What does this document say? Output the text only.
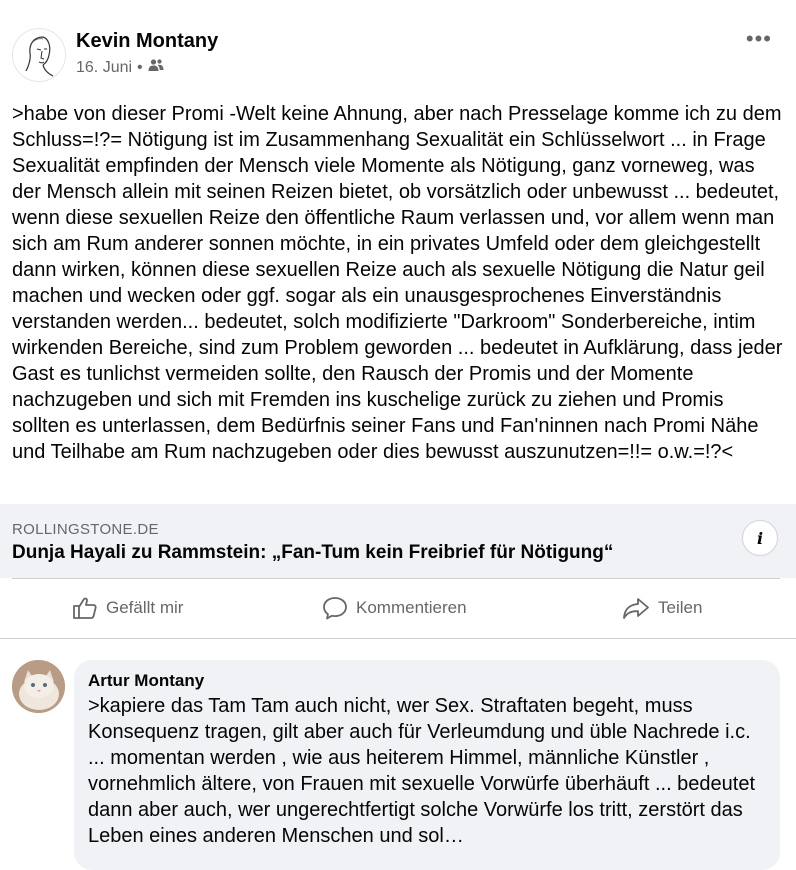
Kevin Montany
16. Juni •
•••
>habe von dieser Promi -Welt keine Ahnung, aber nach Presselage komme ich zu dem Schluss=!?= Nötigung ist im Zusammenhang Sexualität ein Schlüsselwort ... in Frage Sexualität empfinden der Mensch viele Momente als Nötigung, ganz vorneweg, was der Mensch allein mit seinen Reizen bietet, ob vorsätzlich oder unbewusst ... bedeutet, wenn diese sexuellen Reize den öffentliche Raum verlassen und, vor allem wenn man sich am Rum anderer sonnen möchte, in ein privates Umfeld oder dem gleichgestellt dann wirken, können diese sexuellen Reize auch als sexuelle Nötigung die Natur geil machen und wecken oder ggf. sogar als ein unausgesprochenes Einverständnis verstanden werden... bedeutet, solch modifizierte "Darkroom" Sonderbereiche, intim wirkenden Bereiche, sind zum Problem geworden ... bedeutet in Aufklärung, dass jeder Gast es tunlichst vermeiden sollte, den Rausch der Promis und der Momente nachzugeben und sich mit Fremden ins kuschelige zurück zu ziehen und Promis sollten es unterlassen, dem Bedürfnis seiner Fans und Fan'ninnen nach Promi Nähe und Teilhabe am Rum nachzugeben oder dies bewusst auszunutzen=!!= o.w.=!?<
ROLLINGSTONE.DE
Dunja Hayali zu Rammstein: „Fan-Tum kein Freibrief für Nötigung“
i
Gefällt mir	Kommentieren	Teilen
Artur Montany
>kapiere das Tam Tam auch nicht, wer Sex. Straftaten begeht, muss Konsequenz tragen, gilt aber auch für Verleumdung und üble Nachrede i.c. ... momentan werden , wie aus heiterem Himmel, männliche Künstler , vornehmlich ältere, von Frauen mit sexuelle Vorwürfe überhäuft ... bedeutet dann aber auch, wer ungerechtfertigt solche Vorwürfe los tritt, zerstört das Leben eines anderen Menschen und sol…
